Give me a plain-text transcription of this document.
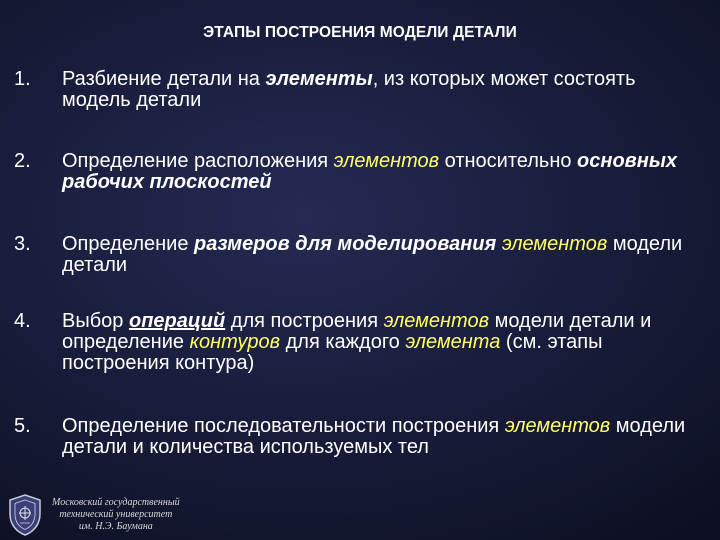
ЭТАПЫ ПОСТРОЕНИЯ МОДЕЛИ ДЕТАЛИ
1. Разбиение детали на элементы, из которых может состоять модель детали
2. Определение расположения элементов относительно основных рабочих плоскостей
3. Определение размеров для моделирования элементов модели детали
4. Выбор операций для построения элементов модели детали и определение контуров для каждого элемента (см. этапы построения контура)
5. Определение последовательности построения элементов модели детали и количества используемых тел
Московский государственный
технический университет
им. Н.Э. Баумана
